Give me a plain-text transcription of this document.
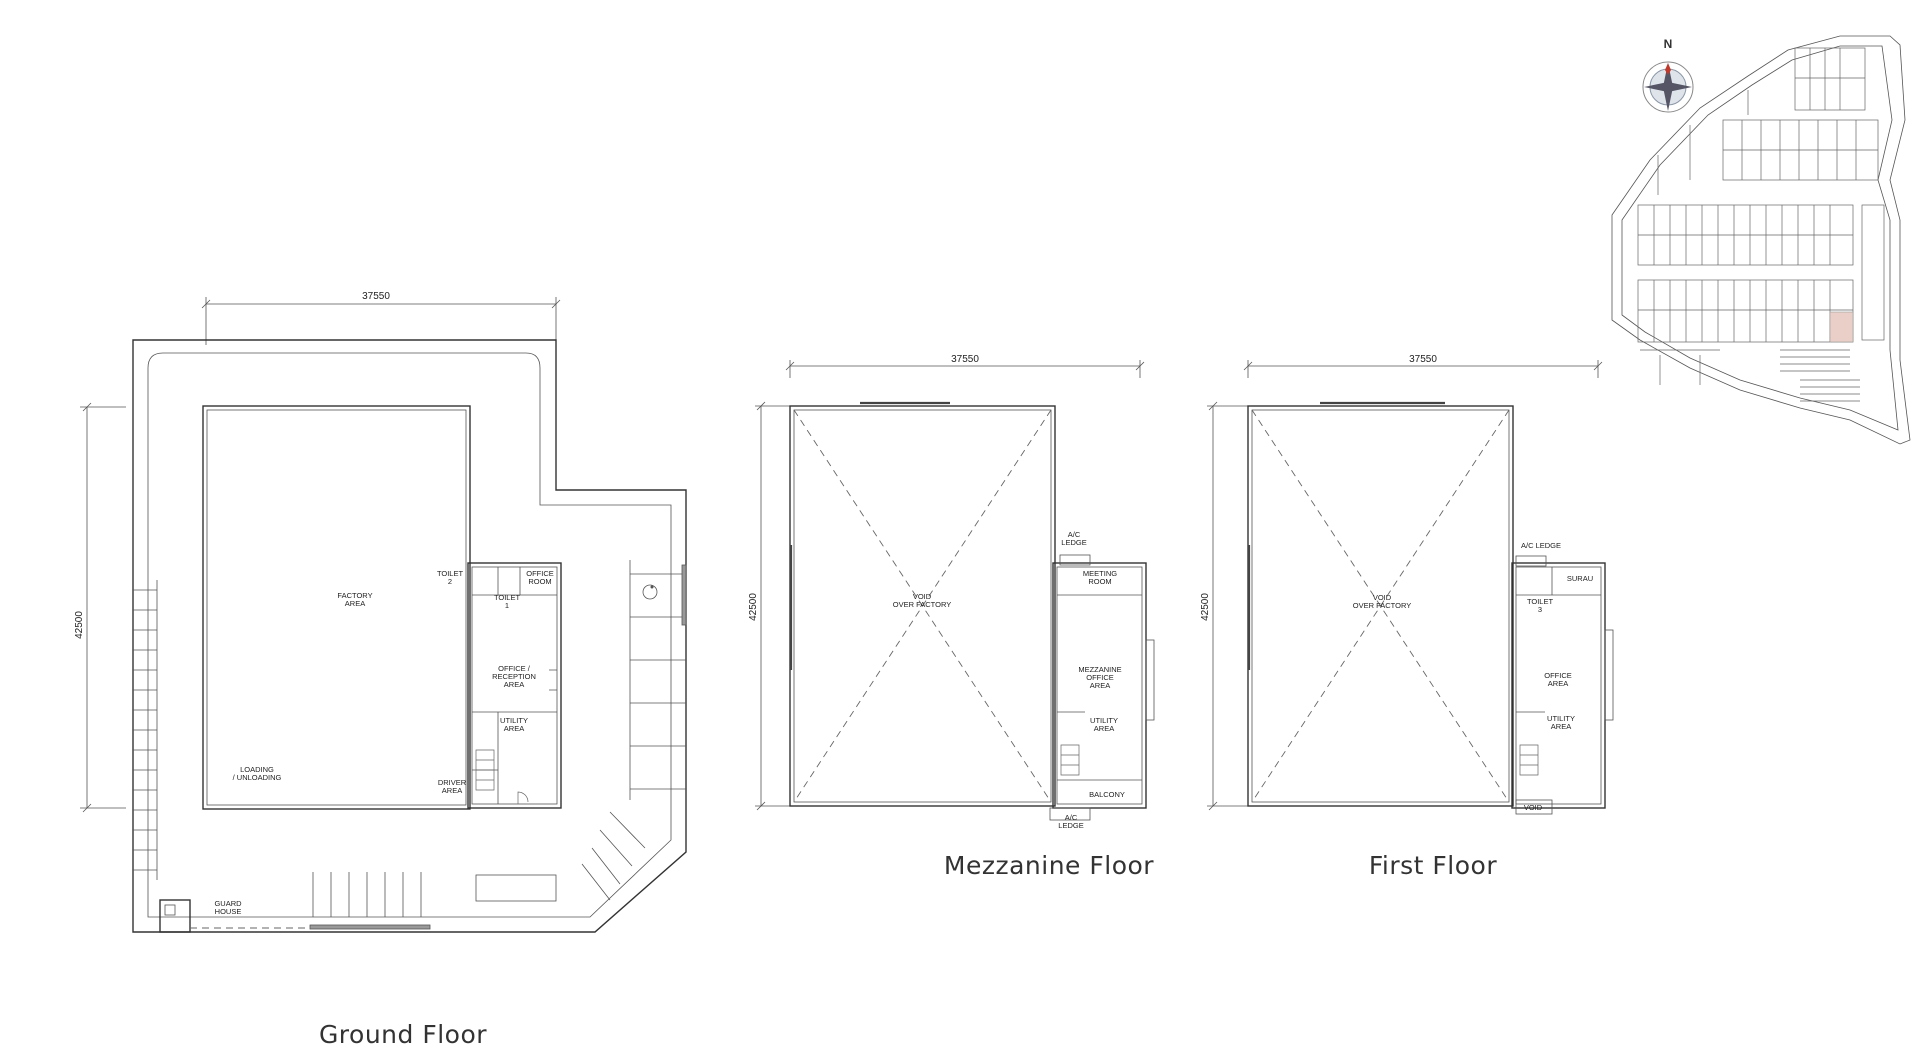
37550
42500
FACTORY AREA
TOILET 2
OFFICE ROOM
TOILET 1
OFFICE / RECEPTION AREA
UTILITY AREA
DRIVER AREA
LOADING / UNLOADING
GUARD HOUSE
Ground Floor
37550
42500	VOID OVER FACTORY
A/C LEDGE
MEETING ROOM
MEZZANINE OFFICE AREA
UTILITY AREA
BALCONY
A/C LEDGE
Mezzanine Floor
37550
42500	VOID OVER FACTORY
A/C LEDGE
SURAU
TOILET 3
OFFICE AREA
UTILITY AREA
VOID
First Floor
N
